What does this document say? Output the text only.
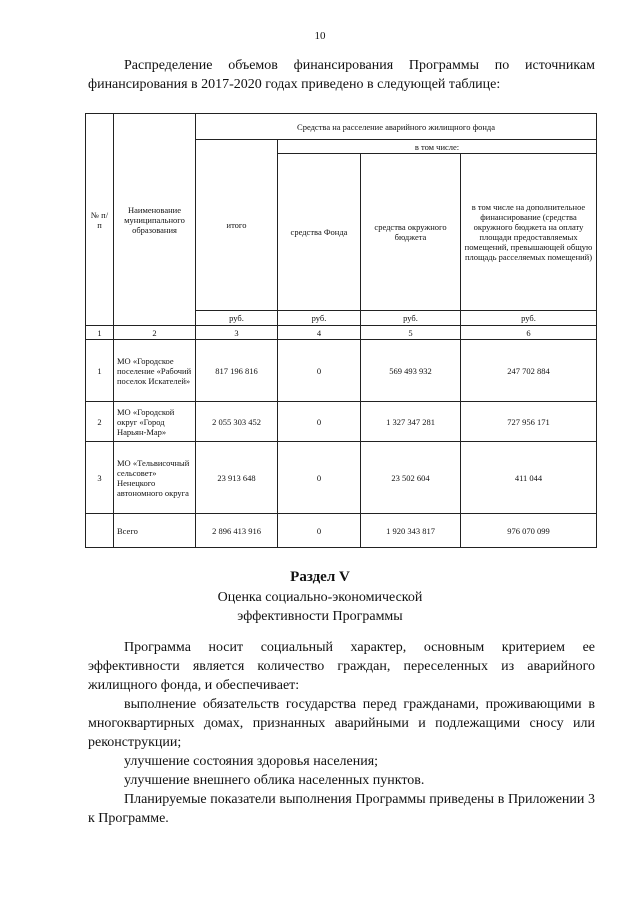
10

Распределение объемов финансирования Программы по источникам финансирования в 2017-2020 годах приведено в следующей таблице:

№ п/п	Наименование муниципального образования	Средства на расселение аварийного жилищного фонда			
		итого	в том числе:		
			средства Фонда	средства окружного бюджета	в том числе на дополнительное финансирование (средства окружного бюджета на оплату площади предоставляемых помещений, превышающей общую площадь расселяемых помещений)
		руб.	руб.	руб.	руб.
1	2	3	4	5	6
1	МО «Городское поселение «Рабочий поселок Искателей»	817 196 816	0	569 493 932	247 702 884
2	МО «Городской округ «Город Нарьян-Мар»	2 055 303 452	0	1 327 347 281	727 956 171
3	МО «Тельвисочный сельсовет» Ненецкого автономного округа	23 913 648	0	23 502 604	411 044
	Всего	2 896 413 916	0	1 920 343 817	976 070 099
Раздел V
Оценка социально-экономической
эффективности Программы

Программа носит социальный характер, основным критерием ее эффективности является количество граждан, переселенных из аварийного жилищного фонда, и обеспечивает:

выполнение обязательств государства перед гражданами, проживающими в многоквартирных домах, признанных аварийными и подлежащими сносу или реконструкции;

улучшение состояния здоровья населения;

улучшение внешнего облика населенных пунктов.

Планируемые показатели выполнения Программы приведены в Приложении 3 к Программе.
